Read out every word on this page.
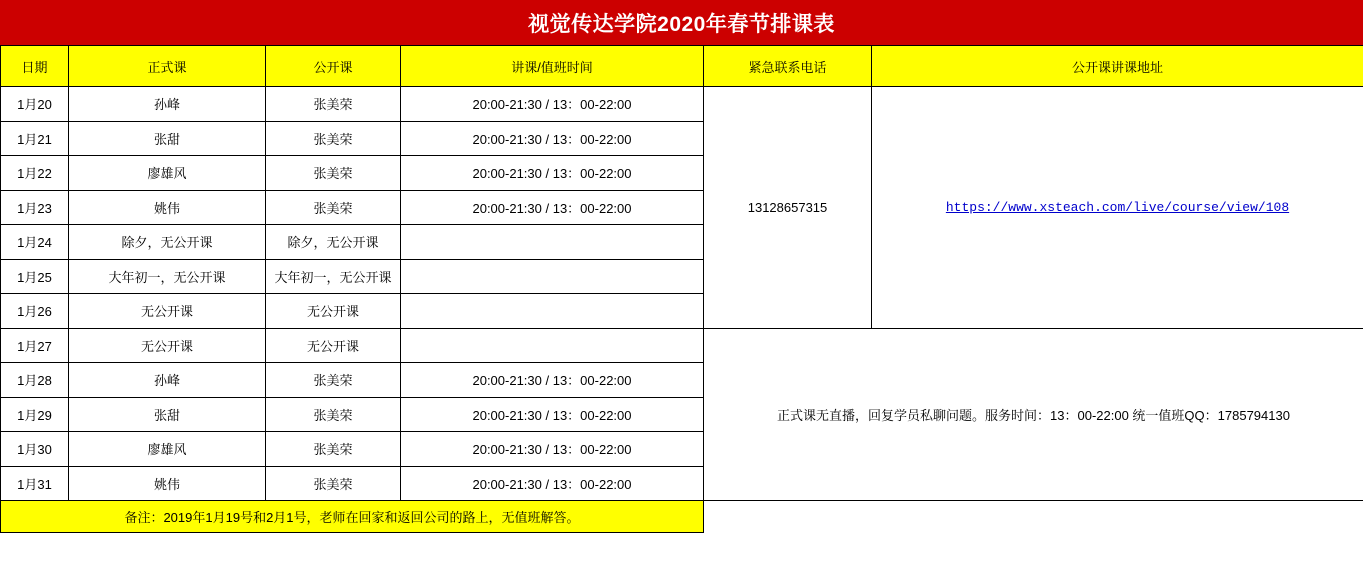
视觉传达学院2020年春节排课表
日期	正式课	公开课	讲课/值班时间	紧急联系电话	公开课讲课地址
1月20	孙峰	张美荣	20:00-21:30 / 13：00-22:00	13128657315	https://www.xsteach.com/live/course/view/108
1月21	张甜	张美荣	20:00-21:30 / 13：00-22:00		
1月22	廖雄风	张美荣	20:00-21:30 / 13：00-22:00		
1月23	姚伟	张美荣	20:00-21:30 / 13：00-22:00		
1月24	除夕，无公开课	除夕，无公开课			
1月25	大年初一，无公开课	大年初一，无公开课			
1月26	无公开课	无公开课			
1月27	无公开课	无公开课		正式课无直播，回复学员私聊问题。服务时间：13：00-22:00 统一值班QQ：1785794130	
1月28	孙峰	张美荣	20:00-21:30 / 13：00-22:00		
1月29	张甜	张美荣	20:00-21:30 / 13：00-22:00		
1月30	廖雄风	张美荣	20:00-21:30 / 13：00-22:00		
1月31	姚伟	张美荣	20:00-21:30 / 13：00-22:00		
备注：2019年1月19号和2月1号，老师在回家和返回公司的路上，无值班解答。					
